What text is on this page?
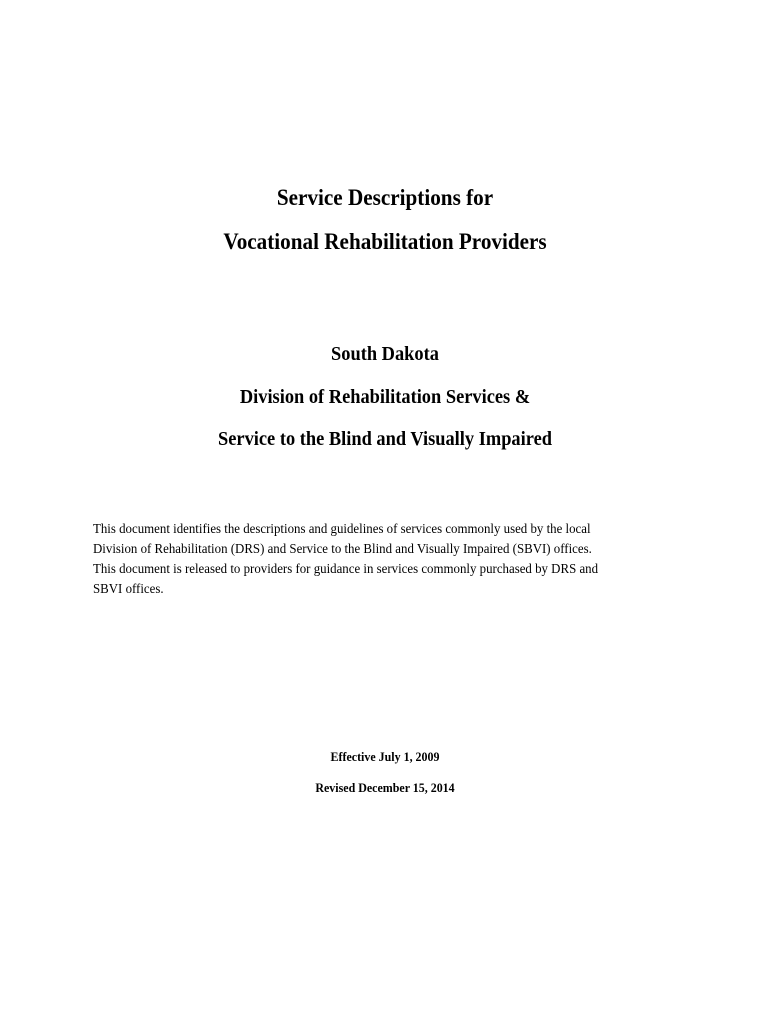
Service Descriptions for
Vocational Rehabilitation Providers
South Dakota
Division of Rehabilitation Services &
Service to the Blind and Visually Impaired
This document identifies the descriptions and guidelines of services commonly used by the local
Division of Rehabilitation (DRS) and Service to the Blind and Visually Impaired (SBVI) offices.
This document is released to providers for guidance in services commonly purchased by DRS and
SBVI offices.
Effective July 1, 2009
Revised December 15, 2014
